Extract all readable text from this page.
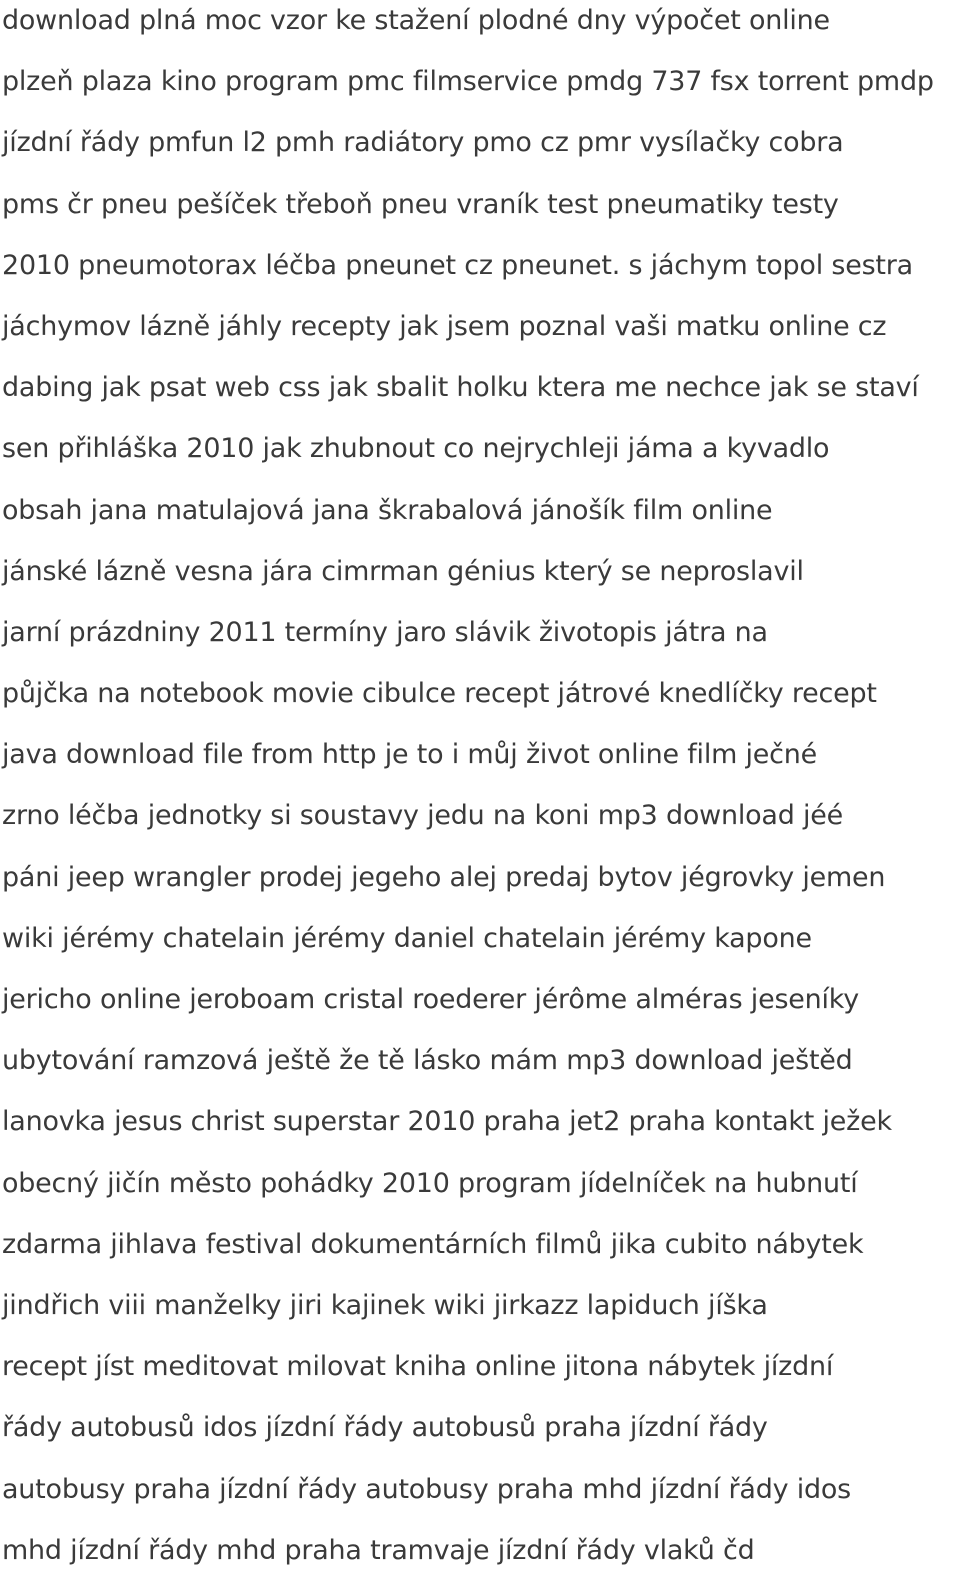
download plná moc vzor ke stažení plodné dny výpočet online
plzeň plaza kino program pmc filmservice pmdg 737 fsx torrent pmdp
jízdní řády pmfun l2 pmh radiátory pmo cz pmr vysílačky cobra
pms čr pneu pešíček třeboň pneu vraník test pneumatiky testy
2010 pneumotorax léčba pneunet cz pneunet. s jáchym topol sestra
jáchymov lázně jáhly recepty jak jsem poznal vaši matku online cz
dabing jak psat web css jak sbalit holku ktera me nechce jak se staví
sen přihláška 2010 jak zhubnout co nejrychleji jáma a kyvadlo
obsah jana matulajová jana škrabalová jánošík film online
jánské lázně vesna jára cimrman génius který se neproslavil
jarní prázdniny 2011 termíny jaro slávik životopis játra na
půjčka na notebook movie cibulce recept játrové knedlíčky recept
java download file from http je to i můj život online film ječné
zrno léčba jednotky si soustavy jedu na koni mp3 download jéé
páni jeep wrangler prodej jegeho alej predaj bytov jégrovky jemen
wiki jérémy chatelain jérémy daniel chatelain jérémy kapone
jericho online jeroboam cristal roederer jérôme alméras jeseníky
ubytování ramzová ještě že tě lásko mám mp3 download ještěd
lanovka jesus christ superstar 2010 praha jet2 praha kontakt ježek
obecný jičín město pohádky 2010 program jídelníček na hubnutí
zdarma jihlava festival dokumentárních filmů jika cubito nábytek
jindřich viii manželky jiri kajinek wiki jirkazz lapiduch jíška
recept jíst meditovat milovat kniha online jitona nábytek jízdní
řády autobusů idos jízdní řády autobusů praha jízdní řády
autobusy praha jízdní řády autobusy praha mhd jízdní řády idos
mhd jízdní řády mhd praha tramvaje jízdní řády vlaků čd
